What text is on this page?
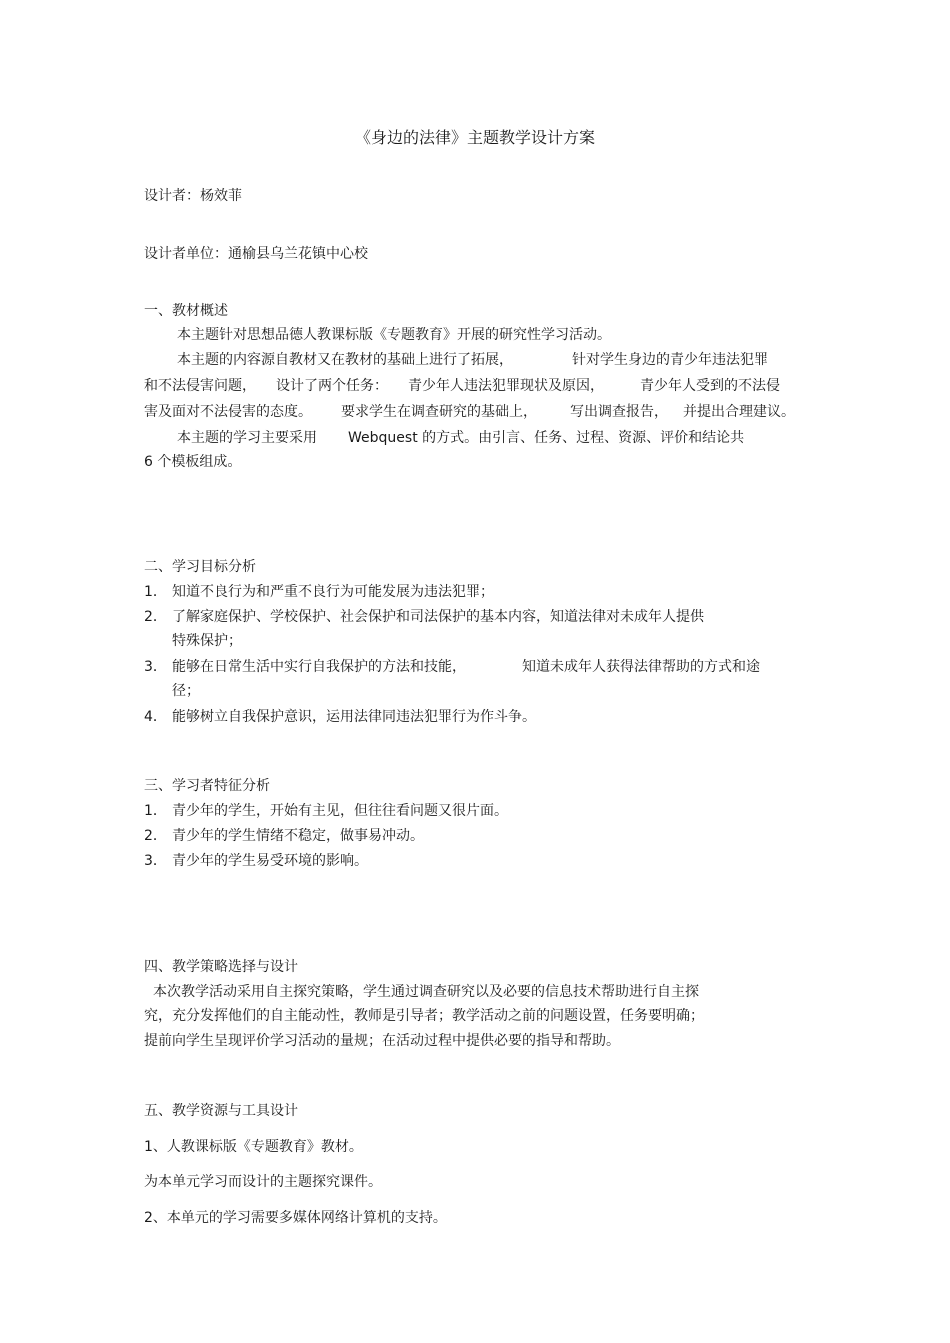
《身边的法律》主题教学设计方案
设计者：杨效菲
设计者单位：通榆县乌兰花镇中心校
一、教材概述
本主题针对思想品德人教课标版《专题教育》开展的研究性学习活动。
本主题的内容源自教材又在教材的基础上进行了拓展，	针对学生身边的青少年违法犯罪
和不法侵害问题， 设计了两个任务： 青少年人违法犯罪现状及原因，	青少年人受到的不法侵
害及面对不法侵害的态度。 要求学生在调查研究的基础上， 写出调查报告， 并提出合理建议。
本主题的学习主要采用 Webquest 的方式。由引言、任务、过程、资源、评价和结论共
6 个模板组成。
二、学习目标分析
1． 知道不良行为和严重不良行为可能发展为违法犯罪；
2． 了解家庭保护、学校保护、社会保护和司法保护的基本内容，知道法律对未成年人提供
特殊保护；
3． 能够在日常生活中实行自我保护的方法和技能，	知道未成年人获得法律帮助的方式和途
径；
4． 能够树立自我保护意识，运用法律同违法犯罪行为作斗争。
三、学习者特征分析
1． 青少年的学生，开始有主见，但往往看问题又很片面。
2． 青少年的学生情绪不稳定，做事易冲动。
3． 青少年的学生易受环境的影响。
四、教学策略选择与设计
本次教学活动采用自主探究策略，学生通过调查研究以及必要的信息技术帮助进行自主探
究，充分发挥他们的自主能动性，教师是引导者；教学活动之前的问题设置，任务要明确；
提前向学生呈现评价学习活动的量规；在活动过程中提供必要的指导和帮助。
五、教学资源与工具设计
1、人教课标版《专题教育》教材。
为本单元学习而设计的主题探究课件。
2、本单元的学习需要多媒体网络计算机的支持。
